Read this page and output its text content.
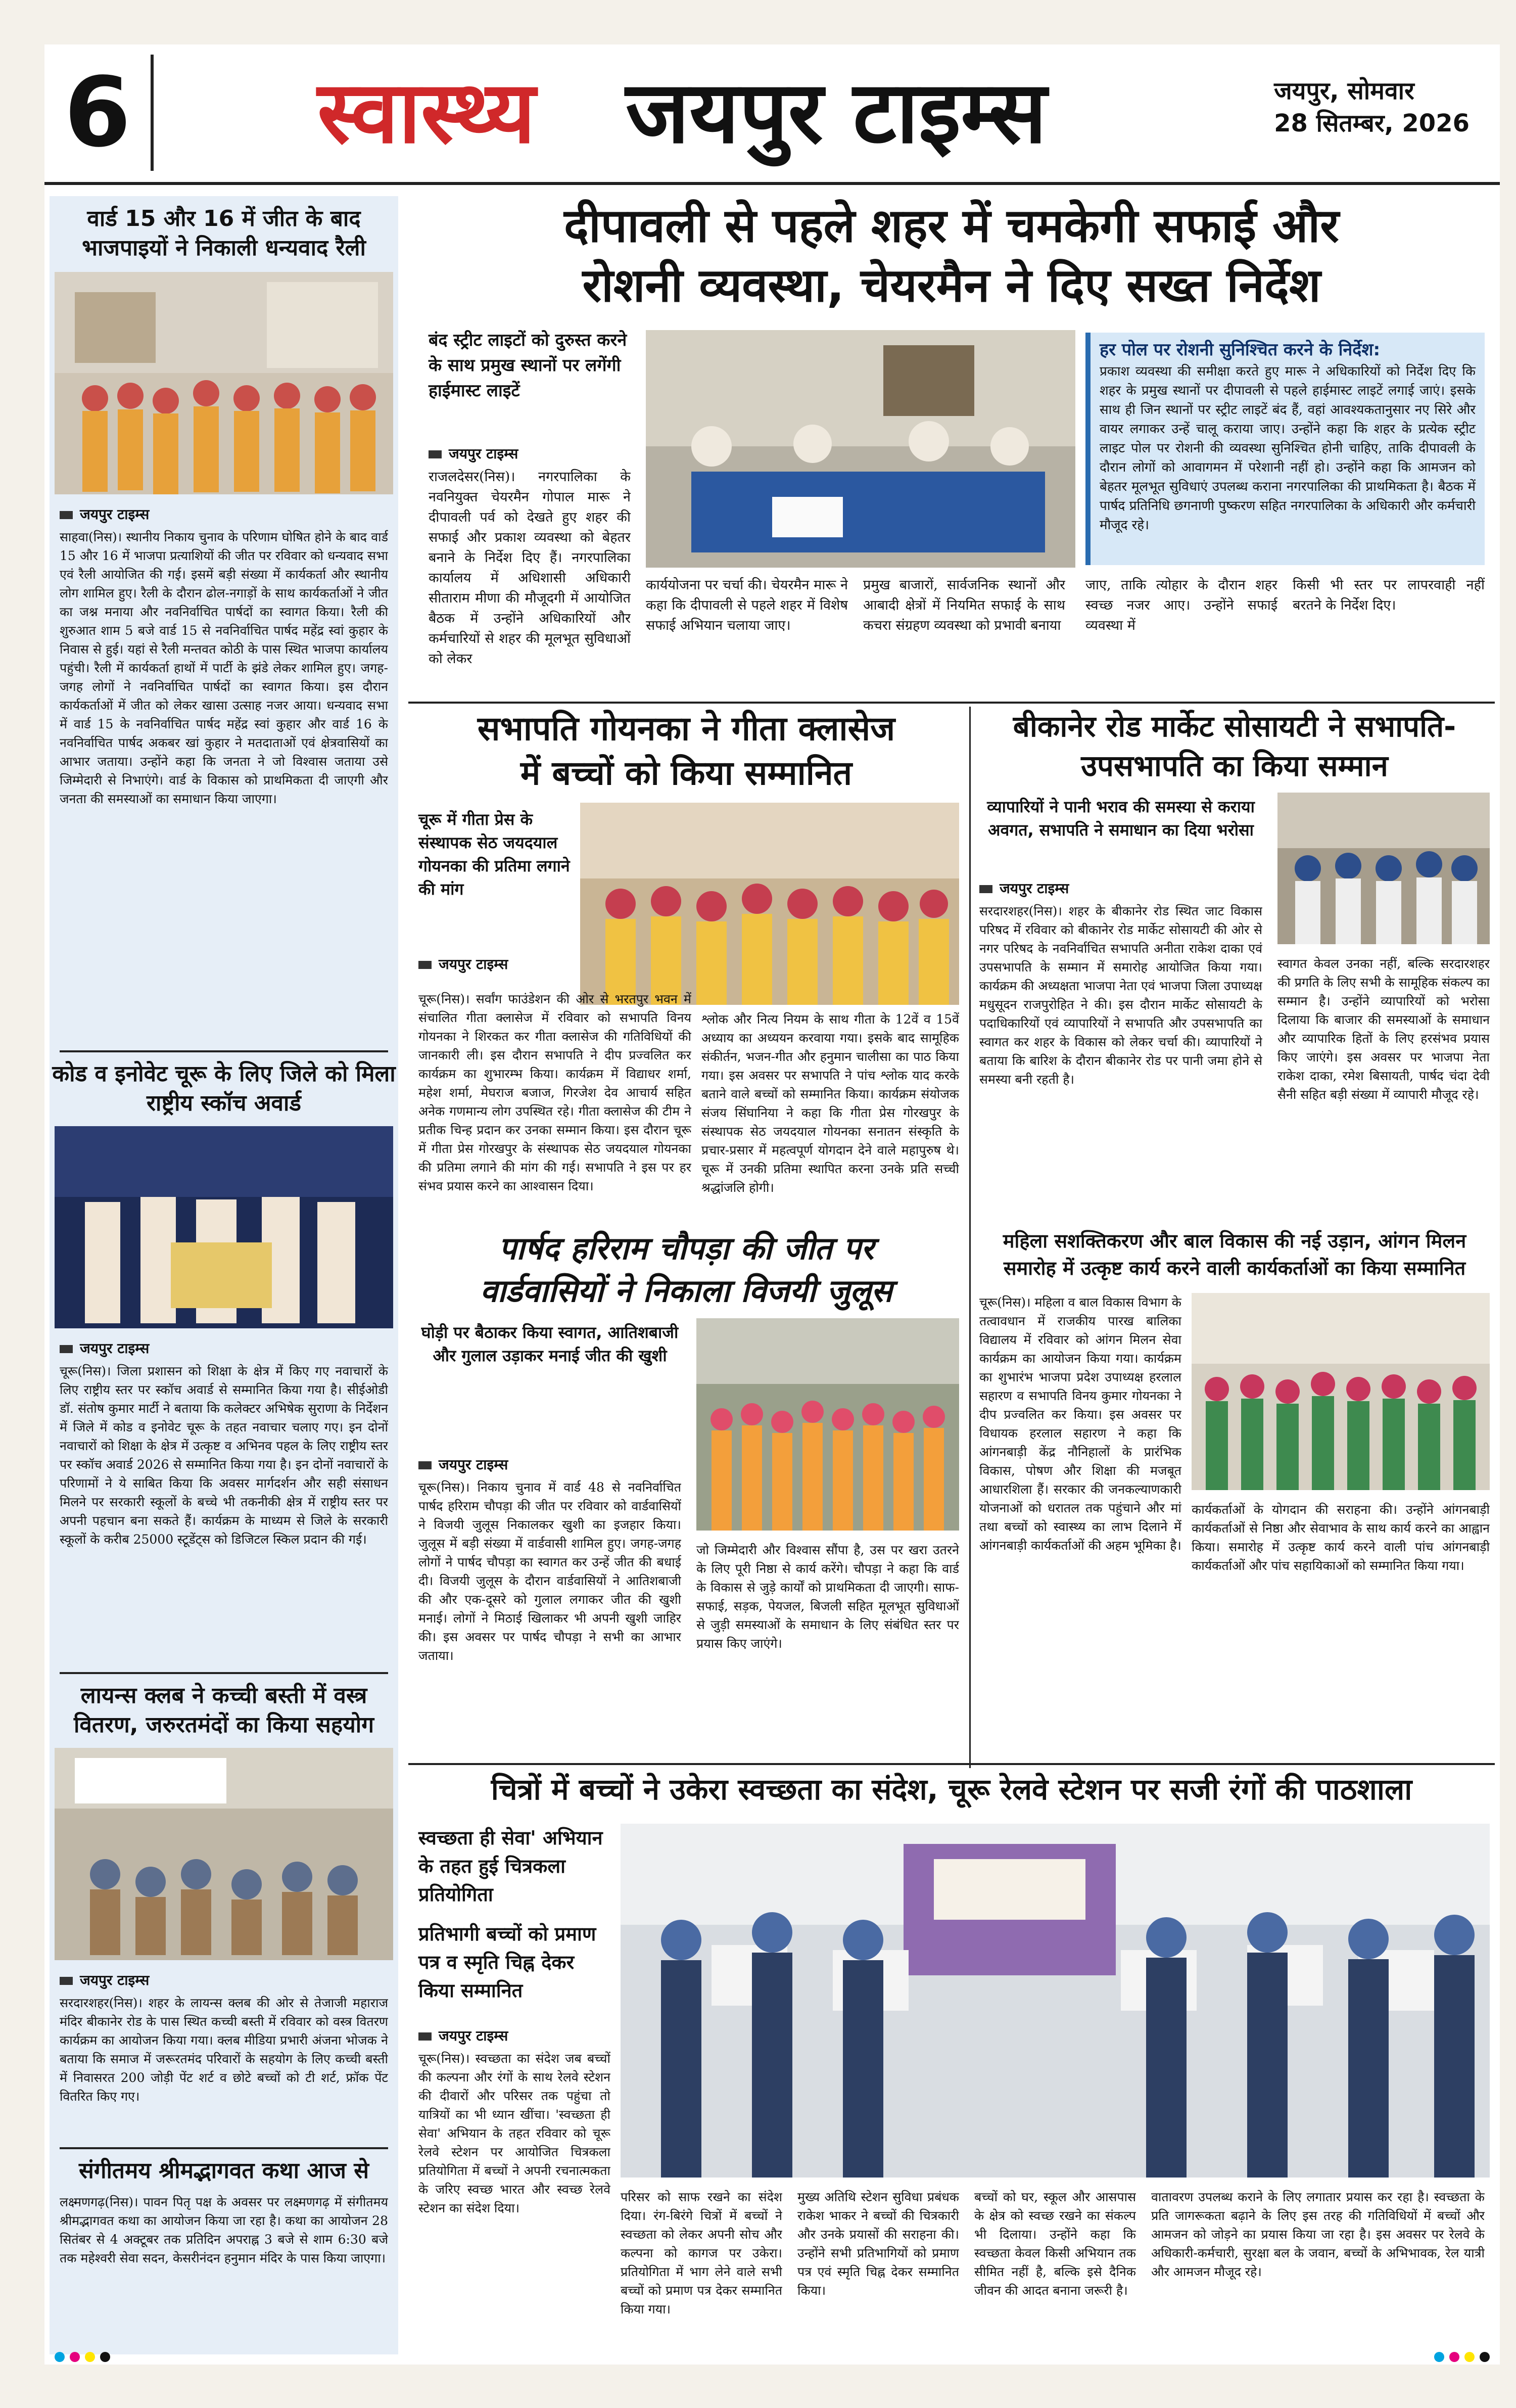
6 स्वास्थ्य जयपुर टाइम्स	जयपुर, सोमवार
28 सितम्बर, 2026
वार्ड 15 और 16 में जीत के बाद भाजपाइयों ने निकाली धन्यवाद रैली
जयपुर टाइम्स
साहवा(निस)। स्थानीय निकाय चुनाव के परिणाम घोषित होने के बाद वार्ड 15 और 16 में भाजपा प्रत्याशियों की जीत पर रविवार को धन्यवाद सभा एवं रैली आयोजित की गई। इसमें बड़ी संख्या में कार्यकर्ता और स्थानीय लोग शामिल हुए। रैली के दौरान ढोल-नगाड़ों के साथ कार्यकर्ताओं ने जीत का जश्न मनाया और नवनिर्वाचित पार्षदों का स्वागत किया। रैली की शुरुआत शाम 5 बजे वार्ड 15 से नवनिर्वाचित पार्षद महेंद्र स्वां कुहार के निवास से हुई। यहां से रैली मन्तवत कोठी के पास स्थित भाजपा कार्यालय पहुंची। रैली में कार्यकर्ता हाथों में पार्टी के झंडे लेकर शामिल हुए। जगह-जगह लोगों ने नवनिर्वाचित पार्षदों का स्वागत किया। इस दौरान कार्यकर्ताओं में जीत को लेकर खासा उत्साह नजर आया। धन्यवाद सभा में वार्ड 15 के नवनिर्वाचित पार्षद महेंद्र स्वां कुहार और वार्ड 16 के नवनिर्वाचित पार्षद अकबर खां कुहार ने मतदाताओं एवं क्षेत्रवासियों का आभार जताया। उन्होंने कहा कि जनता ने जो विश्वास जताया उसे जिम्मेदारी से निभाएंगे। वार्ड के विकास को प्राथमिकता दी जाएगी और जनता की समस्याओं का समाधान किया जाएगा।
कोड व इनोवेट चूरू के लिए जिले को मिला राष्ट्रीय स्कॉच अवार्ड
जयपुर टाइम्स
चूरू(निस)। जिला प्रशासन को शिक्षा के क्षेत्र में किए गए नवाचारों के लिए राष्ट्रीय स्तर पर स्कॉच अवार्ड से सम्मानित किया गया है। सीईओडी डॉ. संतोष कुमार मार्टी ने बताया कि कलेक्टर अभिषेक सुराणा के निर्देशन में जिले में कोड व इनोवेट चूरू के तहत नवाचार चलाए गए। इन दोनों नवाचारों को शिक्षा के क्षेत्र में उत्कृष्ट व अभिनव पहल के लिए राष्ट्रीय स्तर पर स्कॉच अवार्ड 2026 से सम्मानित किया गया है। इन दोनों नवाचारों के परिणामों ने ये साबित किया कि अवसर मार्गदर्शन और सही संसाधन मिलने पर सरकारी स्कूलों के बच्चे भी तकनीकी क्षेत्र में राष्ट्रीय स्तर पर अपनी पहचान बना सकते हैं। कार्यक्रम के माध्यम से जिले के सरकारी स्कूलों के करीब 25000 स्टूडेंट्स को डिजिटल स्किल प्रदान की गई।
लायन्स क्लब ने कच्ची बस्ती में वस्त्र वितरण, जरुरतमंदों का किया सहयोग
जयपुर टाइम्स
सरदारशहर(निस)। शहर के लायन्स क्लब की ओर से तेजाजी महाराज मंदिर बीकानेर रोड के पास स्थित कच्ची बस्ती में रविवार को वस्त्र वितरण कार्यक्रम का आयोजन किया गया। क्लब मीडिया प्रभारी अंजना भोजक ने बताया कि समाज में जरूरतमंद परिवारों के सहयोग के लिए कच्ची बस्ती में निवासरत 200 जोड़ी पेंट शर्ट व छोटे बच्चों को टी शर्ट, फ्रॉक पेंट वितरित किए गए।
संगीतमय श्रीमद्भागवत कथा आज से
लक्ष्मणगढ़(निस)। पावन पितृ पक्ष के अवसर पर लक्ष्मणगढ़ में संगीतमय श्रीमद्भागवत कथा का आयोजन किया जा रहा है। कथा का आयोजन 28 सितंबर से 4 अक्टूबर तक प्रतिदिन अपराह्न 3 बजे से शाम 6:30 बजे तक महेश्वरी सेवा सदन, केसरीनंदन हनुमान मंदिर के पास किया जाएगा।
दीपावली से पहले शहर में चमकेगी सफाई और
रोशनी व्यवस्था, चेयरमैन ने दिए सख्त निर्देश
बंद स्ट्रीट लाइटों को दुरुस्त करने के साथ प्रमुख स्थानों पर लगेंगी हाईमास्ट लाइटें
जयपुर टाइम्स
राजलदेसर(निस)। नगरपालिका के नवनियुक्त चेयरमैन गोपाल मारू ने दीपावली पर्व को देखते हुए शहर की सफाई और प्रकाश व्यवस्था को बेहतर बनाने के निर्देश दिए हैं। नगरपालिका कार्यालय में अधिशासी अधिकारी सीताराम मीणा की मौजूदगी में आयोजित बैठक में उन्होंने अधिकारियों और कर्मचारियों से शहर की मूलभूत सुविधाओं को लेकर
कार्ययोजना पर चर्चा की। चेयरमैन मारू ने कहा कि दीपावली से पहले शहर में विशेष सफाई अभियान चलाया जाए।
प्रमुख बाजारों, सार्वजनिक स्थानों और आबादी क्षेत्रों में नियमित सफाई के साथ कचरा संग्रहण व्यवस्था को प्रभावी बनाया
हर पोल पर रोशनी सुनिश्चित करने के निर्देश:
प्रकाश व्यवस्था की समीक्षा करते हुए मारू ने अधिकारियों को निर्देश दिए कि शहर के प्रमुख स्थानों पर दीपावली से पहले हाईमास्ट लाइटें लगाई जाएं। इसके साथ ही जिन स्थानों पर स्ट्रीट लाइटें बंद हैं, वहां आवश्यकतानुसार नए सिरे और वायर लगाकर उन्हें चालू कराया जाए। उन्होंने कहा कि शहर के प्रत्येक स्ट्रीट लाइट पोल पर रोशनी की व्यवस्था सुनिश्चित होनी चाहिए, ताकि दीपावली के दौरान लोगों को आवागमन में परेशानी नहीं हो। उन्होंने कहा कि आमजन को बेहतर मूलभूत सुविधाएं उपलब्ध कराना नगरपालिका की प्राथमिकता है। बैठक में पार्षद प्रतिनिधि छगनाणी पुष्करण सहित नगरपालिका के अधिकारी और कर्मचारी मौजूद रहे।
जाए, ताकि त्योहार के दौरान शहर स्वच्छ नजर आए। उन्होंने सफाई व्यवस्था में
किसी भी स्तर पर लापरवाही नहीं बरतने के निर्देश दिए।
सभापति गोयनका ने गीता क्लासेज
में बच्चों को किया सम्मानित
चूरू में गीता प्रेस के संस्थापक सेठ जयदयाल गोयनका की प्रतिमा लगाने की मांग
जयपुर टाइम्स
चूरू(निस)। सर्वांग फाउंडेशन की ओर से भरतपुर भवन में संचालित गीता क्लासेज में रविवार को सभापति विनय गोयनका ने शिरकत कर गीता क्लासेज की गतिविधियों की जानकारी ली। इस दौरान सभापति ने दीप प्रज्वलित कर कार्यक्रम का शुभारम्भ किया। कार्यक्रम में विद्याधर शर्मा, महेश शर्मा, मेघराज बजाज, गिरजेश देव आचार्य सहित अनेक गणमान्य लोग उपस्थित रहे। गीता क्लासेज की टीम ने प्रतीक चिन्ह प्रदान कर उनका सम्मान किया। इस दौरान चूरू में गीता प्रेस गोरखपुर के संस्थापक सेठ जयदयाल गोयनका की प्रतिमा लगाने की मांग की गई। सभापति ने इस पर हर संभव प्रयास करने का आश्वासन दिया।
श्लोक और नित्य नियम के साथ गीता के 12वें व 15वें अध्याय का अध्ययन करवाया गया। इसके बाद सामूहिक संकीर्तन, भजन-गीत और हनुमान चालीसा का पाठ किया गया। इस अवसर पर सभापति ने पांच श्लोक याद करके बताने वाले बच्चों को सम्मानित किया। कार्यक्रम संयोजक संजय सिंघानिया ने कहा कि गीता प्रेस गोरखपुर के संस्थापक सेठ जयदयाल गोयनका सनातन संस्कृति के प्रचार-प्रसार में महत्वपूर्ण योगदान देने वाले महापुरुष थे। चूरू में उनकी प्रतिमा स्थापित करना उनके प्रति सच्ची श्रद्धांजलि होगी।
बीकानेर रोड मार्केट सोसायटी ने सभापति-
उपसभापति का किया सम्मान
व्यापारियों ने पानी भराव की समस्या से कराया अवगत, सभापति ने समाधान का दिया भरोसा
जयपुर टाइम्स
सरदारशहर(निस)। शहर के बीकानेर रोड स्थित जाट विकास परिषद में रविवार को बीकानेर रोड मार्केट सोसायटी की ओर से नगर परिषद के नवनिर्वाचित सभापति अनीता राकेश दाका एवं उपसभापति के सम्मान में समारोह आयोजित किया गया। कार्यक्रम की अध्यक्षता भाजपा नेता एवं भाजपा जिला उपाध्यक्ष मधुसूदन राजपुरोहित ने की। इस दौरान मार्केट सोसायटी के पदाधिकारियों एवं व्यापारियों ने सभापति और उपसभापति का स्वागत कर शहर के विकास को लेकर चर्चा की। व्यापारियों ने बताया कि बारिश के दौरान बीकानेर रोड पर पानी जमा होने से समस्या बनी रहती है।
स्वागत केवल उनका नहीं, बल्कि सरदारशहर की प्रगति के लिए सभी के सामूहिक संकल्प का सम्मान है। उन्होंने व्यापारियों को भरोसा दिलाया कि बाजार की समस्याओं के समाधान और व्यापारिक हितों के लिए हरसंभव प्रयास किए जाएंगे। इस अवसर पर भाजपा नेता राकेश दाका, रमेश बिसायती, पार्षद चंदा देवी सैनी सहित बड़ी संख्या में व्यापारी मौजूद रहे।
पार्षद हरिराम चौपड़ा की जीत पर
वार्डवासियों ने निकाला विजयी जुलूस
घोड़ी पर बैठाकर किया स्वागत, आतिशबाजी और गुलाल उड़ाकर मनाई जीत की खुशी
जयपुर टाइम्स
चूरू(निस)। निकाय चुनाव में वार्ड 48 से नवनिर्वाचित पार्षद हरिराम चौपड़ा की जीत पर रविवार को वार्डवासियों ने विजयी जुलूस निकालकर खुशी का इजहार किया। जुलूस में बड़ी संख्या में वार्डवासी शामिल हुए। जगह-जगह लोगों ने पार्षद चौपड़ा का स्वागत कर उन्हें जीत की बधाई दी। विजयी जुलूस के दौरान वार्डवासियों ने आतिशबाजी की और एक-दूसरे को गुलाल लगाकर जीत की खुशी मनाई। लोगों ने मिठाई खिलाकर भी अपनी खुशी जाहिर की। इस अवसर पर पार्षद चौपड़ा ने सभी का आभार जताया।
जो जिम्मेदारी और विश्वास सौंपा है, उस पर खरा उतरने के लिए पूरी निष्ठा से कार्य करेंगे। चौपड़ा ने कहा कि वार्ड के विकास से जुड़े कार्यों को प्राथमिकता दी जाएगी। साफ-सफाई, सड़क, पेयजल, बिजली सहित मूलभूत सुविधाओं से जुड़ी समस्याओं के समाधान के लिए संबंधित स्तर पर प्रयास किए जाएंगे।
महिला सशक्तिकरण और बाल विकास की नई उड़ान, आंगन मिलन
समारोह में उत्कृष्ट कार्य करने वाली कार्यकर्ताओं का किया सम्मानित
चूरू(निस)। महिला व बाल विकास विभाग के तत्वावधान में राजकीय पारख बालिका विद्यालय में रविवार को आंगन मिलन सेवा कार्यक्रम का आयोजन किया गया। कार्यक्रम का शुभारंभ भाजपा प्रदेश उपाध्यक्ष हरलाल सहारण व सभापति विनय कुमार गोयनका ने दीप प्रज्वलित कर किया। इस अवसर पर विधायक हरलाल सहारण ने कहा कि आंगनबाड़ी केंद्र नौनिहालों के प्रारंभिक विकास, पोषण और शिक्षा की मजबूत आधारशिला हैं। सरकार की जनकल्याणकारी योजनाओं को धरातल तक पहुंचाने और मां तथा बच्चों को स्वास्थ्य का लाभ दिलाने में आंगनबाड़ी कार्यकर्ताओं की अहम भूमिका है।
कार्यकर्ताओं के योगदान की सराहना की। उन्होंने आंगनबाड़ी कार्यकर्ताओं से निष्ठा और सेवाभाव के साथ कार्य करने का आह्वान किया। समारोह में उत्कृष्ट कार्य करने वाली पांच आंगनबाड़ी कार्यकर्ताओं और पांच सहायिकाओं को सम्मानित किया गया।
चित्रों में बच्चों ने उकेरा स्वच्छता का संदेश, चूरू रेलवे स्टेशन पर सजी रंगों की पाठशाला
स्वच्छता ही सेवा' अभियान के तहत हुई चित्रकला प्रतियोगिता
प्रतिभागी बच्चों को प्रमाण पत्र व स्मृति चिह्न देकर किया सम्मानित
जयपुर टाइम्स
चूरू(निस)। स्वच्छता का संदेश जब बच्चों की कल्पना और रंगों के साथ रेलवे स्टेशन की दीवारों और परिसर तक पहुंचा तो यात्रियों का भी ध्यान खींचा। 'स्वच्छता ही सेवा' अभियान के तहत रविवार को चूरू रेलवे स्टेशन पर आयोजित चित्रकला प्रतियोगिता में बच्चों ने अपनी रचनात्मकता के जरिए स्वच्छ भारत और स्वच्छ रेलवे स्टेशन का संदेश दिया।
परिसर को साफ रखने का संदेश दिया। रंग-बिरंगे चित्रों में बच्चों ने स्वच्छता को लेकर अपनी सोच और कल्पना को कागज पर उकेरा। प्रतियोगिता में भाग लेने वाले सभी बच्चों को प्रमाण पत्र देकर सम्मानित किया गया।
मुख्य अतिथि स्टेशन सुविधा प्रबंधक राकेश भाकर ने बच्चों की चित्रकारी और उनके प्रयासों की सराहना की। उन्होंने सभी प्रतिभागियों को प्रमाण पत्र एवं स्मृति चिह्न देकर सम्मानित किया।
बच्चों को घर, स्कूल और आसपास के क्षेत्र को स्वच्छ रखने का संकल्प भी दिलाया। उन्होंने कहा कि स्वच्छता केवल किसी अभियान तक सीमित नहीं है, बल्कि इसे दैनिक जीवन की आदत बनाना जरूरी है।
वातावरण उपलब्ध कराने के लिए लगातार प्रयास कर रहा है। स्वच्छता के प्रति जागरूकता बढ़ाने के लिए इस तरह की गतिविधियों में बच्चों और आमजन को जोड़ने का प्रयास किया जा रहा है। इस अवसर पर रेलवे के अधिकारी-कर्मचारी, सुरक्षा बल के जवान, बच्चों के अभिभावक, रेल यात्री और आमजन मौजूद रहे।
